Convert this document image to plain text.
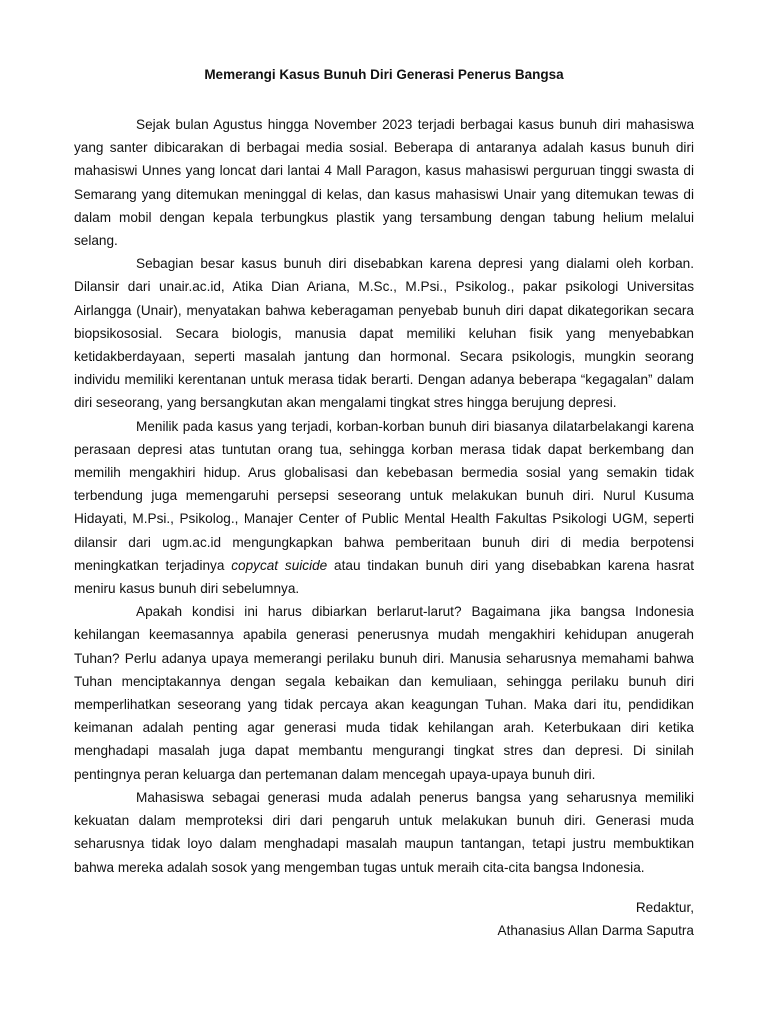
Memerangi Kasus Bunuh Diri Generasi Penerus Bangsa

Sejak bulan Agustus hingga November 2023 terjadi berbagai kasus bunuh diri mahasiswa yang santer dibicarakan di berbagai media sosial. Beberapa di antaranya adalah kasus bunuh diri mahasiswi Unnes yang loncat dari lantai 4 Mall Paragon, kasus mahasiswi perguruan tinggi swasta di Semarang yang ditemukan meninggal di kelas, dan kasus mahasiswi Unair yang ditemukan tewas di dalam mobil dengan kepala terbungkus plastik yang tersambung dengan tabung helium melalui selang.

Sebagian besar kasus bunuh diri disebabkan karena depresi yang dialami oleh korban. Dilansir dari unair.ac.id, Atika Dian Ariana, M.Sc., M.Psi., Psikolog., pakar psikologi Universitas Airlangga (Unair), menyatakan bahwa keberagaman penyebab bunuh diri dapat dikategorikan secara biopsikososial. Secara biologis, manusia dapat memiliki keluhan fisik yang menyebabkan ketidakberdayaan, seperti masalah jantung dan hormonal. Secara psikologis, mungkin seorang individu memiliki kerentanan untuk merasa tidak berarti. Dengan adanya beberapa “kegagalan” dalam diri seseorang, yang bersangkutan akan mengalami tingkat stres hingga berujung depresi.

Menilik pada kasus yang terjadi, korban-korban bunuh diri biasanya dilatarbelakangi karena perasaan depresi atas tuntutan orang tua, sehingga korban merasa tidak dapat berkembang dan memilih mengakhiri hidup. Arus globalisasi dan kebebasan bermedia sosial yang semakin tidak terbendung juga memengaruhi persepsi seseorang untuk melakukan bunuh diri. Nurul Kusuma Hidayati, M.Psi., Psikolog., Manajer Center of Public Mental Health Fakultas Psikologi UGM, seperti dilansir dari ugm.ac.id mengungkapkan bahwa pemberitaan bunuh diri di media berpotensi meningkatkan terjadinya copycat suicide atau tindakan bunuh diri yang disebabkan karena hasrat meniru kasus bunuh diri sebelumnya.

Apakah kondisi ini harus dibiarkan berlarut-larut? Bagaimana jika bangsa Indonesia kehilangan keemasannya apabila generasi penerusnya mudah mengakhiri kehidupan anugerah Tuhan? Perlu adanya upaya memerangi perilaku bunuh diri. Manusia seharusnya memahami bahwa Tuhan menciptakannya dengan segala kebaikan dan kemuliaan, sehingga perilaku bunuh diri memperlihatkan seseorang yang tidak percaya akan keagungan Tuhan. Maka dari itu, pendidikan keimanan adalah penting agar generasi muda tidak kehilangan arah. Keterbukaan diri ketika menghadapi masalah juga dapat membantu mengurangi tingkat stres dan depresi. Di sinilah pentingnya peran keluarga dan pertemanan dalam mencegah upaya-upaya bunuh diri.

Mahasiswa sebagai generasi muda adalah penerus bangsa yang seharusnya memiliki kekuatan dalam memproteksi diri dari pengaruh untuk melakukan bunuh diri. Generasi muda seharusnya tidak loyo dalam menghadapi masalah maupun tantangan, tetapi justru membuktikan bahwa mereka adalah sosok yang mengemban tugas untuk meraih cita-cita bangsa Indonesia.

Redaktur,
Athanasius Allan Darma Saputra
